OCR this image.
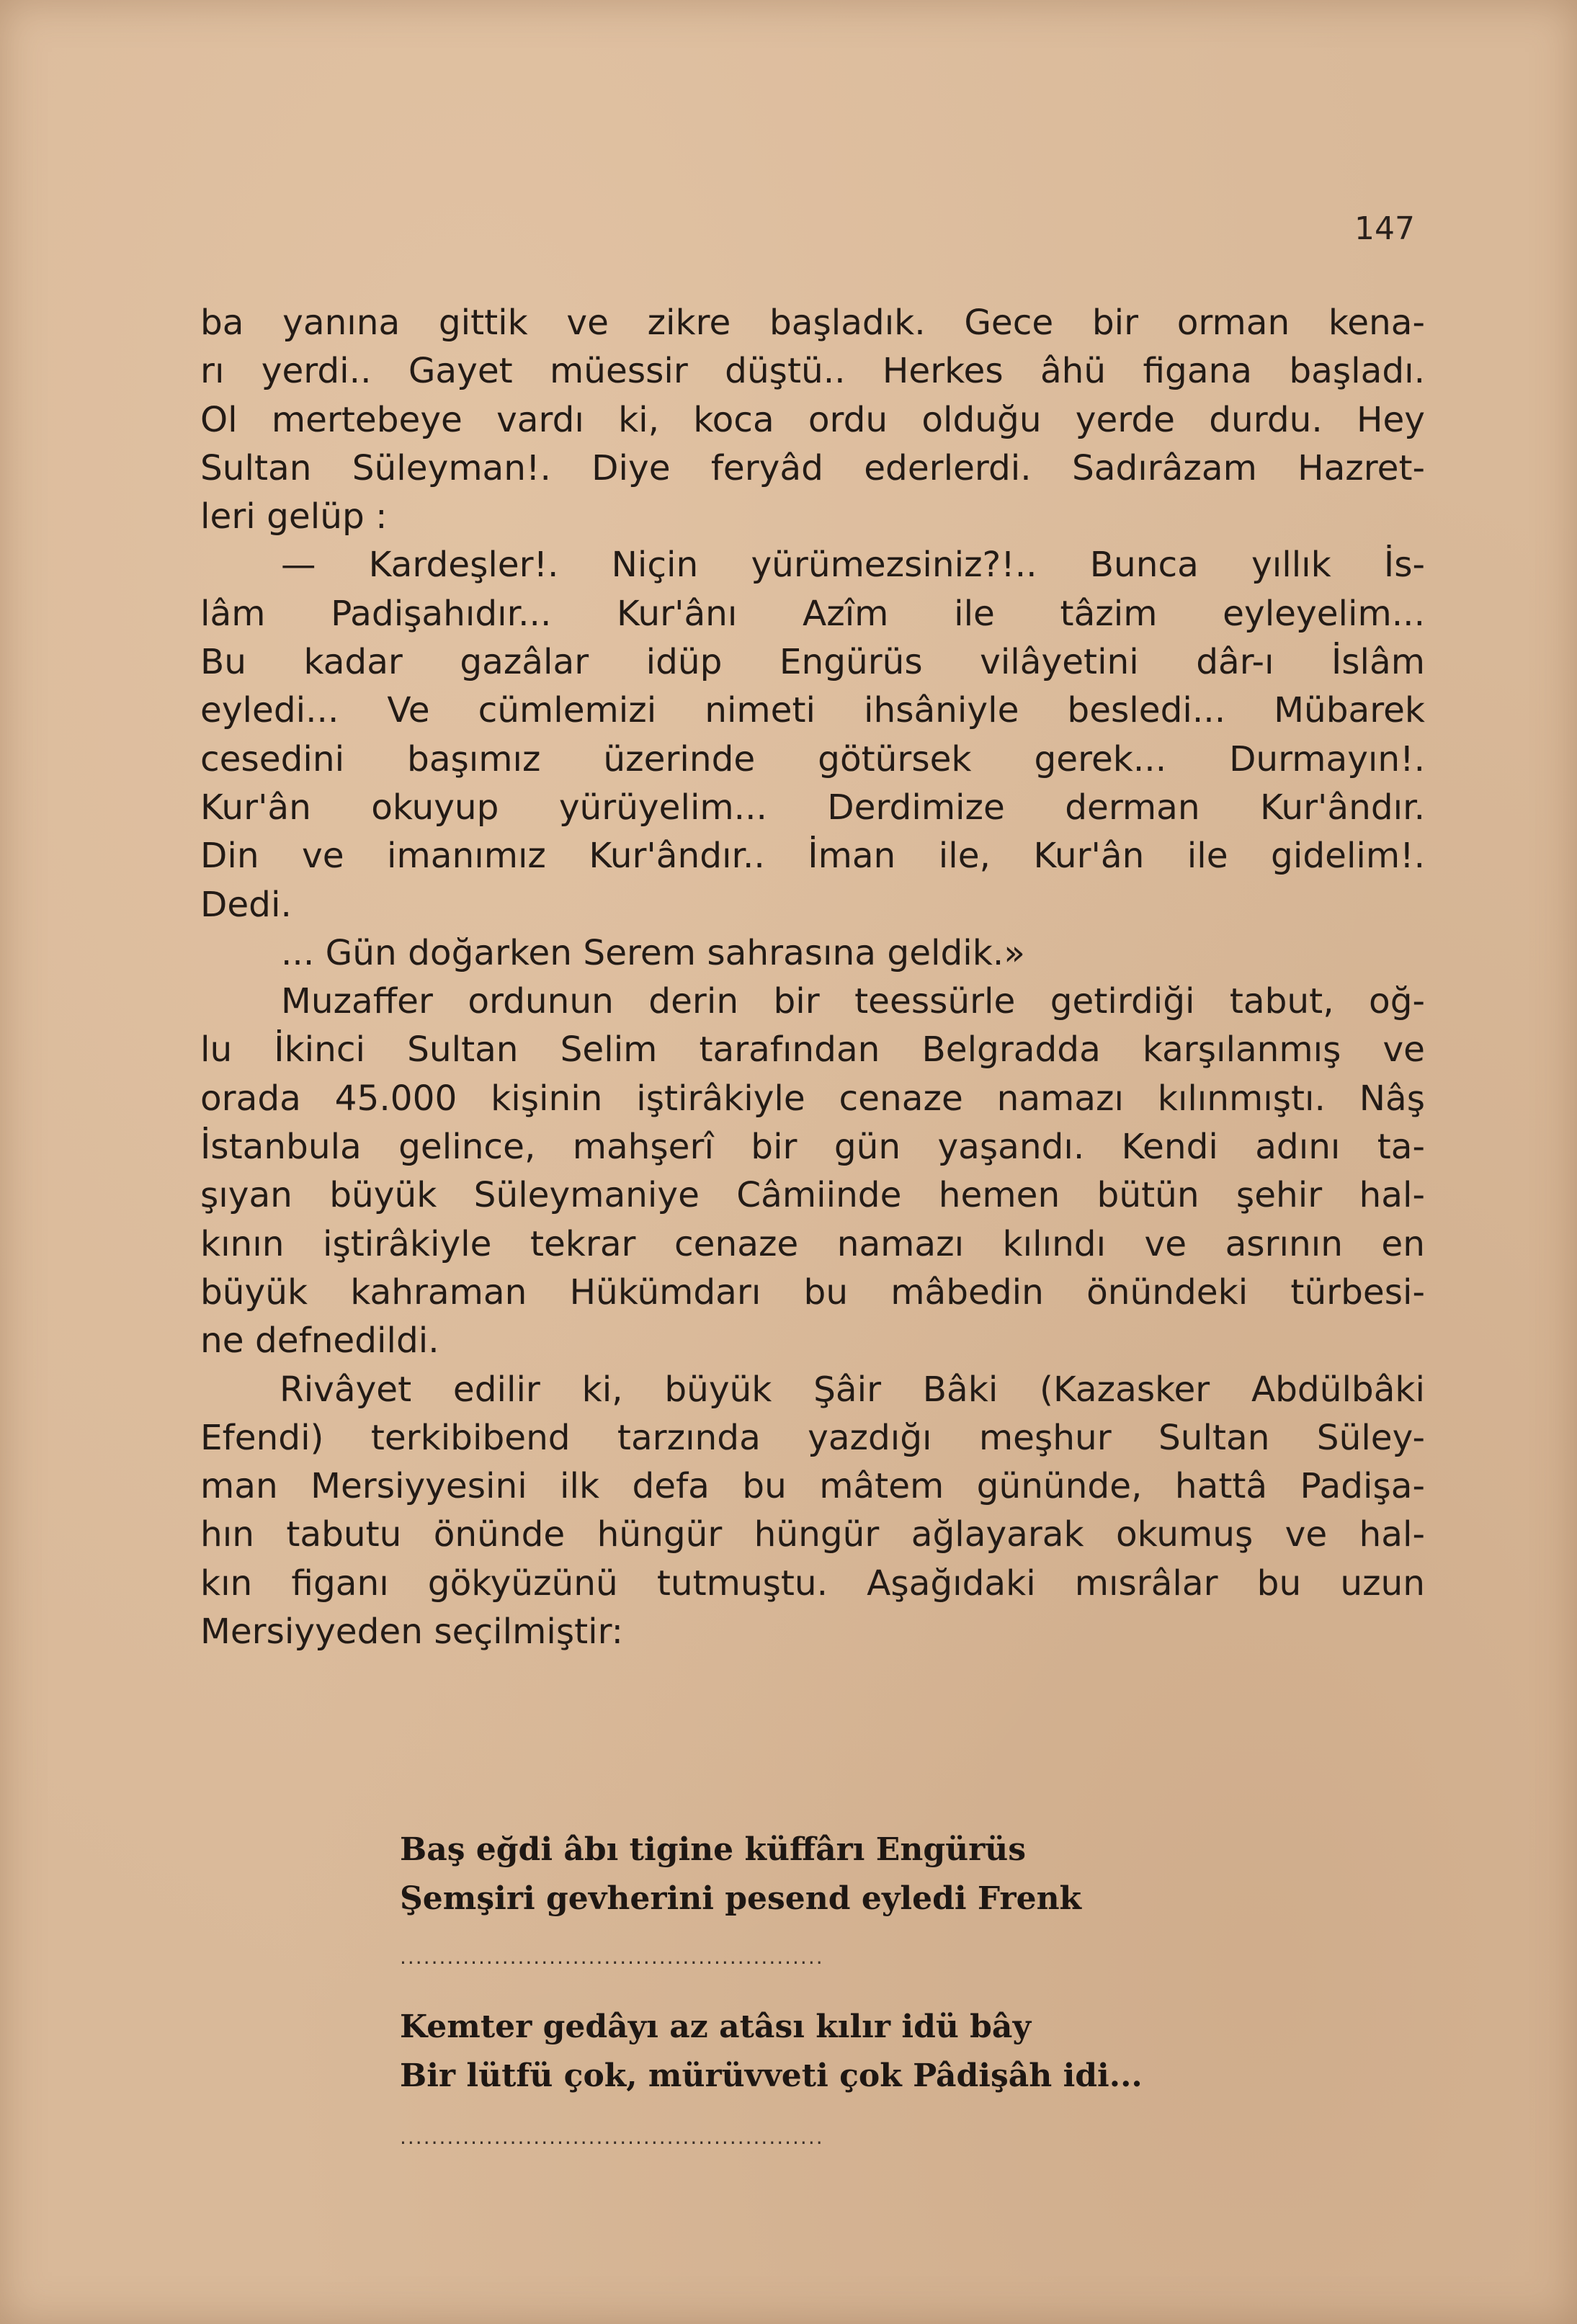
147
ba yanına gittik ve zikre başladık. Gece bir orman kena-
rı yerdi.. Gayet müessir düştü.. Herkes âhü figana başladı.
Ol mertebeye vardı ki, koca ordu olduğu yerde durdu. Hey
Sultan Süleyman!. Diye feryâd ederlerdi. Sadırâzam Hazret-
leri gelüp :
— Kardeşler!. Niçin yürümezsiniz?!.. Bunca yıllık İs-
lâm Padişahıdır... Kur'ânı Azîm ile tâzim eyleyelim...
Bu kadar gazâlar idüp Engürüs vilâyetini dâr-ı İslâm
eyledi... Ve cümlemizi nimeti ihsâniyle besledi... Mübarek
cesedini başımız üzerinde götürsek gerek... Durmayın!.
Kur'ân okuyup yürüyelim... Derdimize derman Kur'ândır.
Din ve imanımız Kur'ândır.. İman ile, Kur'ân ile gidelim!.
Dedi.
... Gün doğarken Serem sahrasına geldik.»
Muzaffer ordunun derin bir teessürle getirdiği tabut, oğ-
lu İkinci Sultan Selim tarafından Belgradda karşılanmış ve
orada 45.000 kişinin iştirâkiyle cenaze namazı kılınmıştı. Nâş
İstanbula gelince, mahşerî bir gün yaşandı. Kendi adını ta-
şıyan büyük Süleymaniye Câmiinde hemen bütün şehir hal-
kının iştirâkiyle tekrar cenaze namazı kılındı ve asrının en
büyük kahraman Hükümdarı bu mâbedin önündeki türbesi-
ne defnedildi.
Rivâyet edilir ki, büyük Şâir Bâki (Kazasker Abdülbâki
Efendi) terkibibend tarzında yazdığı meşhur Sultan Süley-
man Mersiyyesini ilk defa bu mâtem gününde, hattâ Padişa-
hın tabutu önünde hüngür hüngür ağlayarak okumuş ve hal-
kın figanı gökyüzünü tutmuştu. Aşağıdaki mısrâlar bu uzun
Mersiyyeden seçilmiştir:
Baş eğdi âbı tigine küffârı Engürüs
Şemşiri gevherini pesend eyledi Frenk
......................................................
Kemter gedâyı az atâsı kılır idü bây
Bir lütfü çok, mürüvveti çok Pâdişâh idi...
......................................................
